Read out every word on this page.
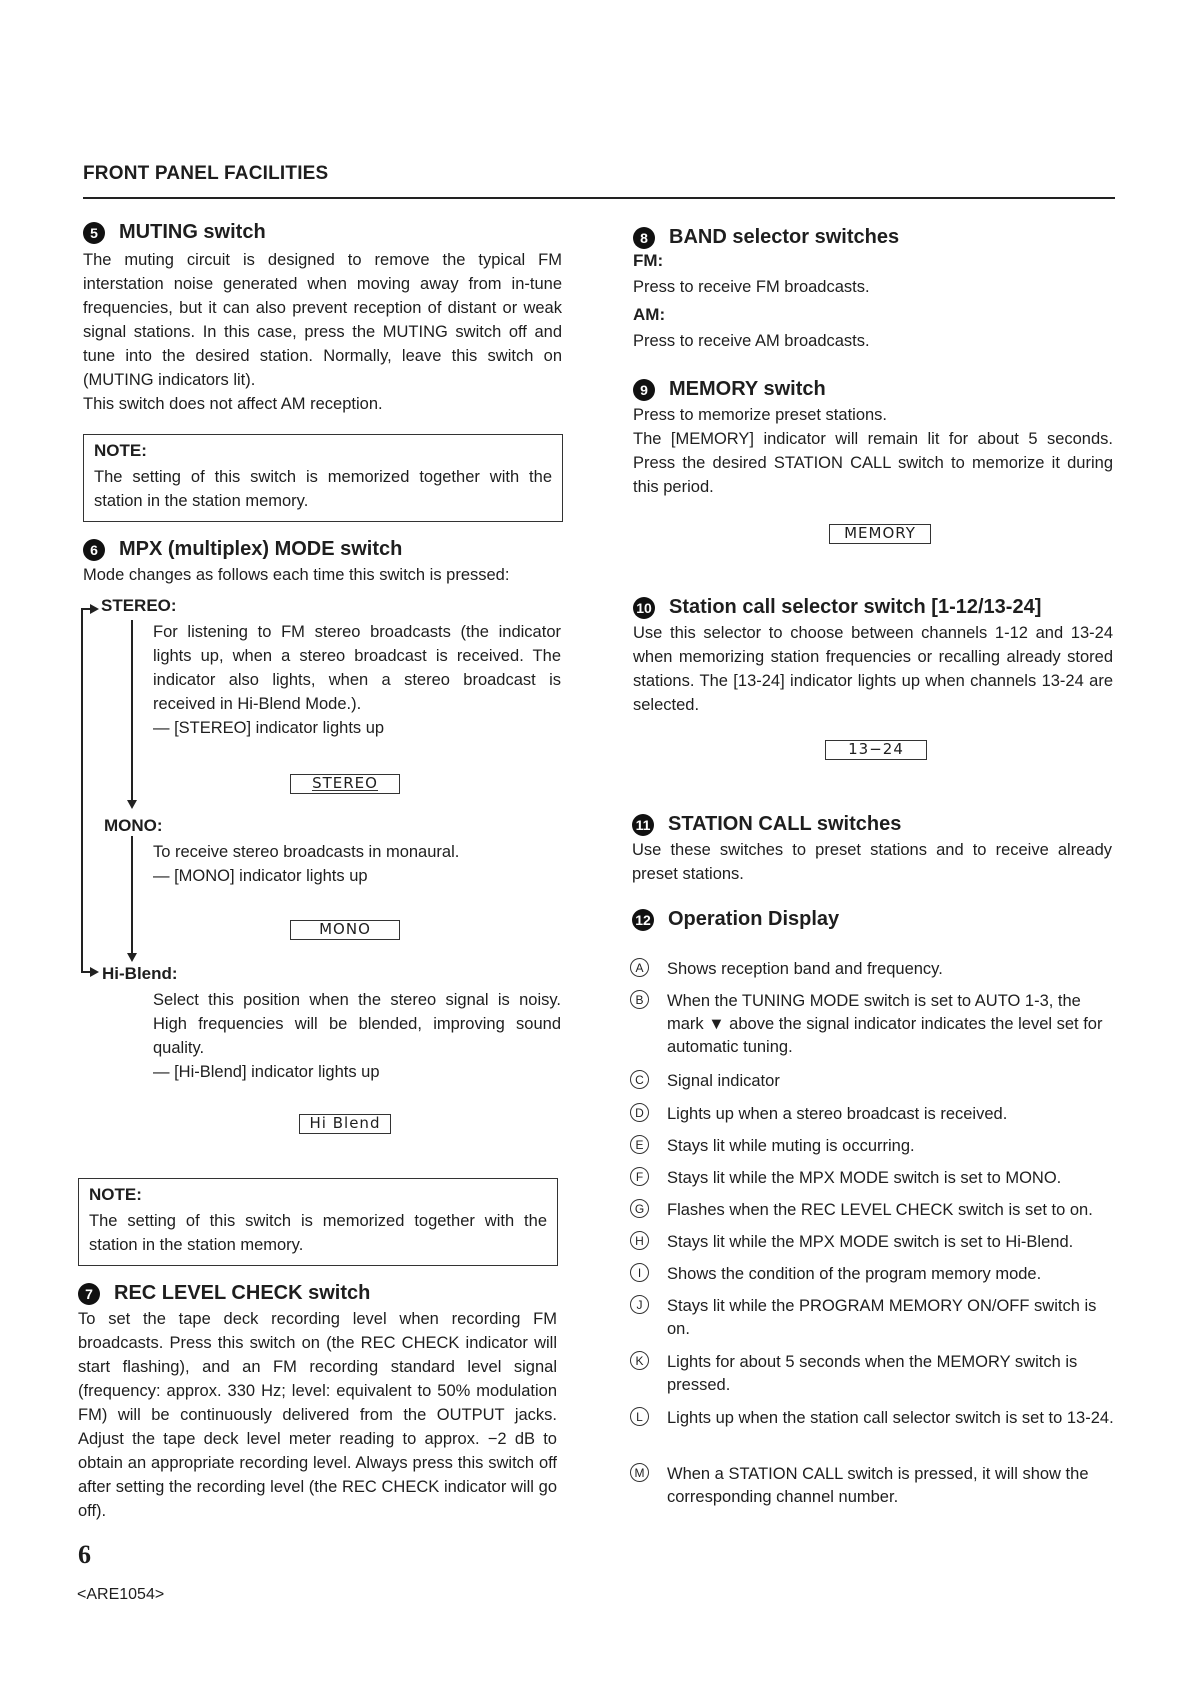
FRONT PANEL FACILITIES
5	MUTING switch

The muting circuit is designed to remove the typical FM interstation noise generated when moving away from in-tune frequencies, but it can also prevent reception of distant or weak signal stations. In this case, press the MUTING switch off and tune into the desired station. Normally, leave this switch on (MUTING indicators lit).

This switch does not affect AM reception.

NOTE:

The setting of this switch is memorized together with the station in the station memory.

6	MPX (multiplex) MODE switch

Mode changes as follows each time this switch is pressed:

STEREO:
For listening to FM stereo broadcasts (the indicator lights up, when a stereo broadcast is received. The indicator also lights, when a stereo broadcast is received in Hi-Blend Mode.).
— [STEREO] indicator lights up
STEREO
MONO:
To receive stereo broadcasts in monaural.
— [MONO] indicator lights up
MONO
Hi-Blend:
Select this position when the stereo signal is noisy. High frequencies will be blended, improving sound quality.
— [Hi-Blend] indicator lights up
Hi Blend

NOTE:

The setting of this switch is memorized together with the station in the station memory.

7	REC LEVEL CHECK switch

To set the tape deck recording level when recording FM broadcasts. Press this switch on (the REC CHECK indicator will start flashing), and an FM recording standard level signal (frequency: approx. 330 Hz; level: equivalent to 50% modulation FM) will be continuously delivered from the OUTPUT jacks. Adjust the tape deck level meter reading to approx. −2 dB to obtain an appropriate recording level. Always press this switch off after setting the recording level (the REC CHECK indicator will go off).

8	BAND selector switches

FM:

Press to receive FM broadcasts.

AM:

Press to receive AM broadcasts.

9	MEMORY switch

Press to memorize preset stations.

The [MEMORY] indicator will remain lit for about 5 seconds. Press the desired STATION CALL switch to memorize it during this period.

MEMORY
10 Station call selector switch [1-12/13-24]

Use this selector to choose between channels 1-12 and 13-24 when memorizing station frequencies or recalling already stored stations. The [13-24] indicator lights up when channels 13-24 are selected.

13−24
11 STATION CALL switches

Use these switches to preset stations and to receive already preset stations.

12 Operation Display
A	Shows reception band and frequency.
B	When the TUNING MODE switch is set to AUTO 1-3, the mark ▼ above the signal indicator indicates the level set for automatic tuning.
C	Signal indicator
D	Lights up when a stereo broadcast is received.
E	Stays lit while muting is occurring.
F	Stays lit while the MPX MODE switch is set to MONO.
G Flashes when the REC LEVEL CHECK switch is set to on.
H	Stays lit while the MPX MODE switch is set to Hi-Blend.
I	Shows the condition of the program memory mode.
J	Stays lit while the PROGRAM MEMORY ON/OFF switch is on.
K	Lights for about 5 seconds when the MEMORY switch is pressed.
L	Lights up when the station call selector switch is set to 13-24.
M When a STATION CALL switch is pressed, it will show the corresponding channel number.
6
<ARE1054>
